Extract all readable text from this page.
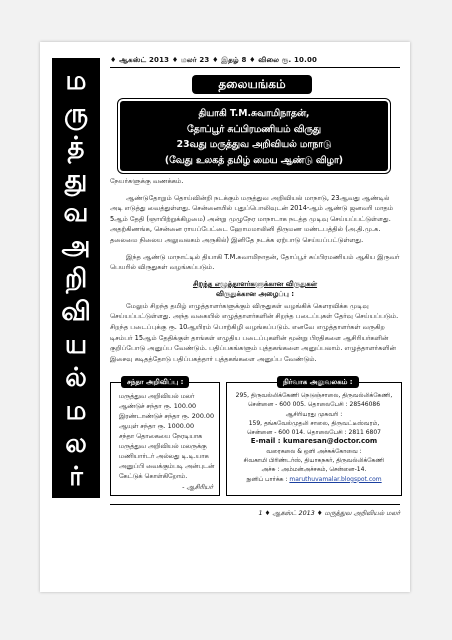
ம
ரு
த்
து
வ
அ
றி
வி
ய
ல்
ம
ல
ர்
♦ ஆகஸ்ட் 2013 ♦ மலர் 23 ♦ இதழ் 8 ♦ விலை ரூ. 10.00
தலையங்கம்
தியாகி T.M.சுவாமிநாதன்,
தோப்பூர் சுப்பிரமணியம் விருது
23வது மருத்துவ அறிவியல் மாநாடு
(வேது உலகத் தமிழ் மைய ஆண்டு விழா)

நேயர்களுக்கு வணக்கம்.

ஆண்டுதோறும் தொய்வின்றி நடக்கும் மருத்துவ அறிவியல் மாநாடு, 23ஆவது ஆண்டில் அடி எடுத்து வைத்துள்ளது. சென்னையில் புதுப்பொலிவுடன் 2014-ஆம் ஆண்டு ஜனவரி மாதம் 5ஆம் தேதி (ஞாயிற்றுக்கிழமை) அன்று முழுநேர மாநாடாக நடத்த முடிவு செய்யப்பட்டுள்ளது. அதற்கிணங்க, சென்னை ராயப்பேட்டை ஹோமமாலினி திருமண மண்டபத்தில் (அ.தி.மு.க. தலைமை நிலைய அலுவலகம் அருகில்) இனிதே நடக்க ஏற்பாடு செய்யப்பட்டுள்ளது.

இந்த ஆண்டு மாநாட்டில் தியாகி T.M.சுவாமிநாதன், தோப்பூர் சுப்பிரமணியம் ஆகிய இருவர் பெயரில் விருதுகள் வழங்கப்படும்.

சிறந்த எழுத்தாளர்களுக்கான விருதுகள்
விருதுக்கான அழைப்பு :

மேலும் சிறந்த தமிழ் எழுத்தாளர்களுக்கும் விருதுகள் வழங்கிக் கௌரவிக்க முடிவு செய்யப்பட்டுள்ளது. அந்த வகையில் எழுத்தாளர்களின் சிறந்த படைப்புகள் தேர்வு செய்யப்படும். சிறந்த படைப்புக்கு ரூ. 10ஆயிரம் பொற்கிழி வழங்கப்படும். எனவே எழுத்தாளர்கள் வருகிற டிசம்பர் 15ஆம் தேதிக்குள் தாங்கள் எழுதிய படைப்புகளின் மூன்று பிரதிகளை ஆசிரியர்களின் குறிப்போடு அனுப்ப வேண்டும். பதிப்பகங்களும் புத்தகங்களை அனுப்பலாம். எழுத்தாளர்களின் இசைவு கடிதத்தோடு பதிப்பகத்தார் புத்தகங்களை அனுப்ப வேண்டும்.

சந்தா அறிவிப்பு :
மருத்துவ அறிவியல் மலர்
ஆண்டுச் சந்தா ரூ. 100.00
இரண்டாண்டுச் சந்தா ரூ. 200.00
ஆயுள் சந்தா ரூ. 1000.00
சந்தா தொகையை நேரடியாக
மருத்துவ அறிவியல் மலருக்கு
மணியார்டர் அல்லது டி.டி.யாக
அனுப்பி வைக்கும்படி அன்புடன்
கேட்டுக் கொள்கிறோம்.
- ஆசிரியர்
நிர்வாக அலுவலகம் :
295, திருவல்லிக்கேணி நெடுஞ்சாலை, திருவல்லிக்கேணி,
சென்னை - 600 005. தொலைபேசி : 28546086
ஆசிரியரது முகவரி :
159, தங்கவேல்முதலி சாலை, திருவட்டீஸ்வரம்,
சென்னை - 600 014. தொலைபேசி : 2811 6807
E-mail : kumaresan@doctor.com
வரைகலை & ஒளி அச்சுக்கோவை :
சிவகாமி பிரிண்டர்ஸ், தியாகநகர், திருவல்லிக்கேணி
அச்சு : அம்மன்அச்சகம், சென்னை-14.
நுனிப் பார்க்க : maruthuvamalar.blogspot.com
1 ♦ ஆகஸ்ட் 2013 ♦ மருத்துவ அறிவியல் மலர்
